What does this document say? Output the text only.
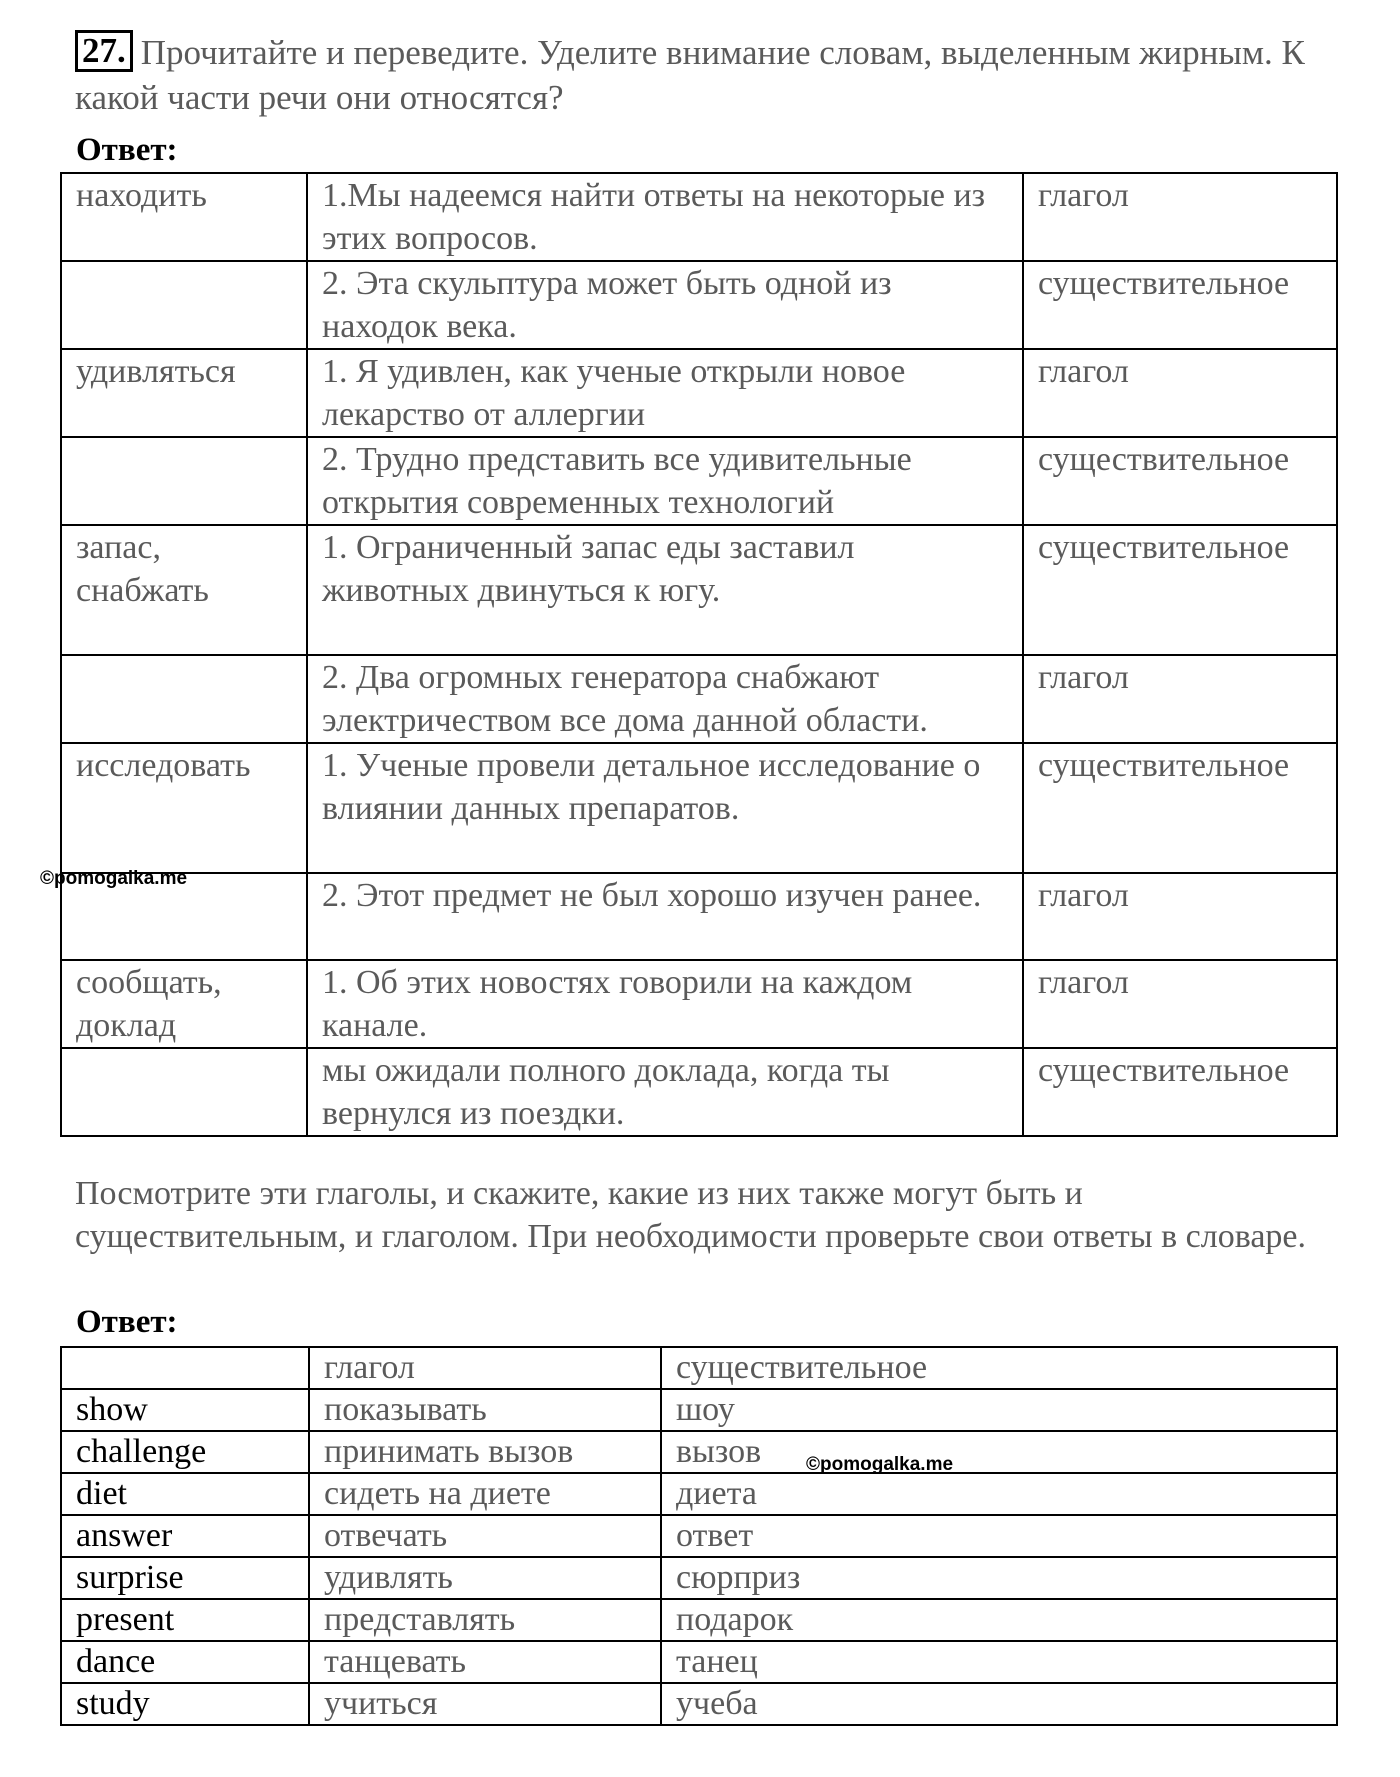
27. Прочитайте и переведите. Уделите внимание словам, выделенным жирным. К какой части речи они относятся?
Ответ:
находить	1.Мы надеемся найти ответы на некоторые из этих вопросов.	глагол
	2. Эта скульптура может быть одной из находок века.	существительное
удивляться	1. Я удивлен, как ученые открыли новое лекарство от аллергии	глагол
	2. Трудно представить все удивительные открытия современных технологий	существительное
запас, снабжать	1. Ограниченный запас еды заставил животных двинуться к югу.	существительное
	2. Два огромных генератора снабжают электричеством все дома данной области.	глагол
исследовать	1. Ученые провели детальное исследование о влиянии данных препаратов.	существительное
	2. Этот предмет не был хорошо изучен ранее.	глагол
сообщать, доклад	1. Об этих новостях говорили на каждом канале.	глагол
	мы ожидали полного доклада, когда ты вернулся из поездки.	существительное
©pomogalka.me
Посмотрите эти глаголы, и скажите, какие из них также могут быть и существительным, и глаголом. При необходимости проверьте свои ответы в словаре.
Ответ:
	глагол	существительное
show	показывать	шоу
challenge	принимать вызов	вызов
diet	сидеть на диете	диета
answer	отвечать	ответ
surprise	удивлять	сюрприз
present	представлять	подарок
dance	танцевать	танец
study	учиться	учеба
©pomogalka.me
